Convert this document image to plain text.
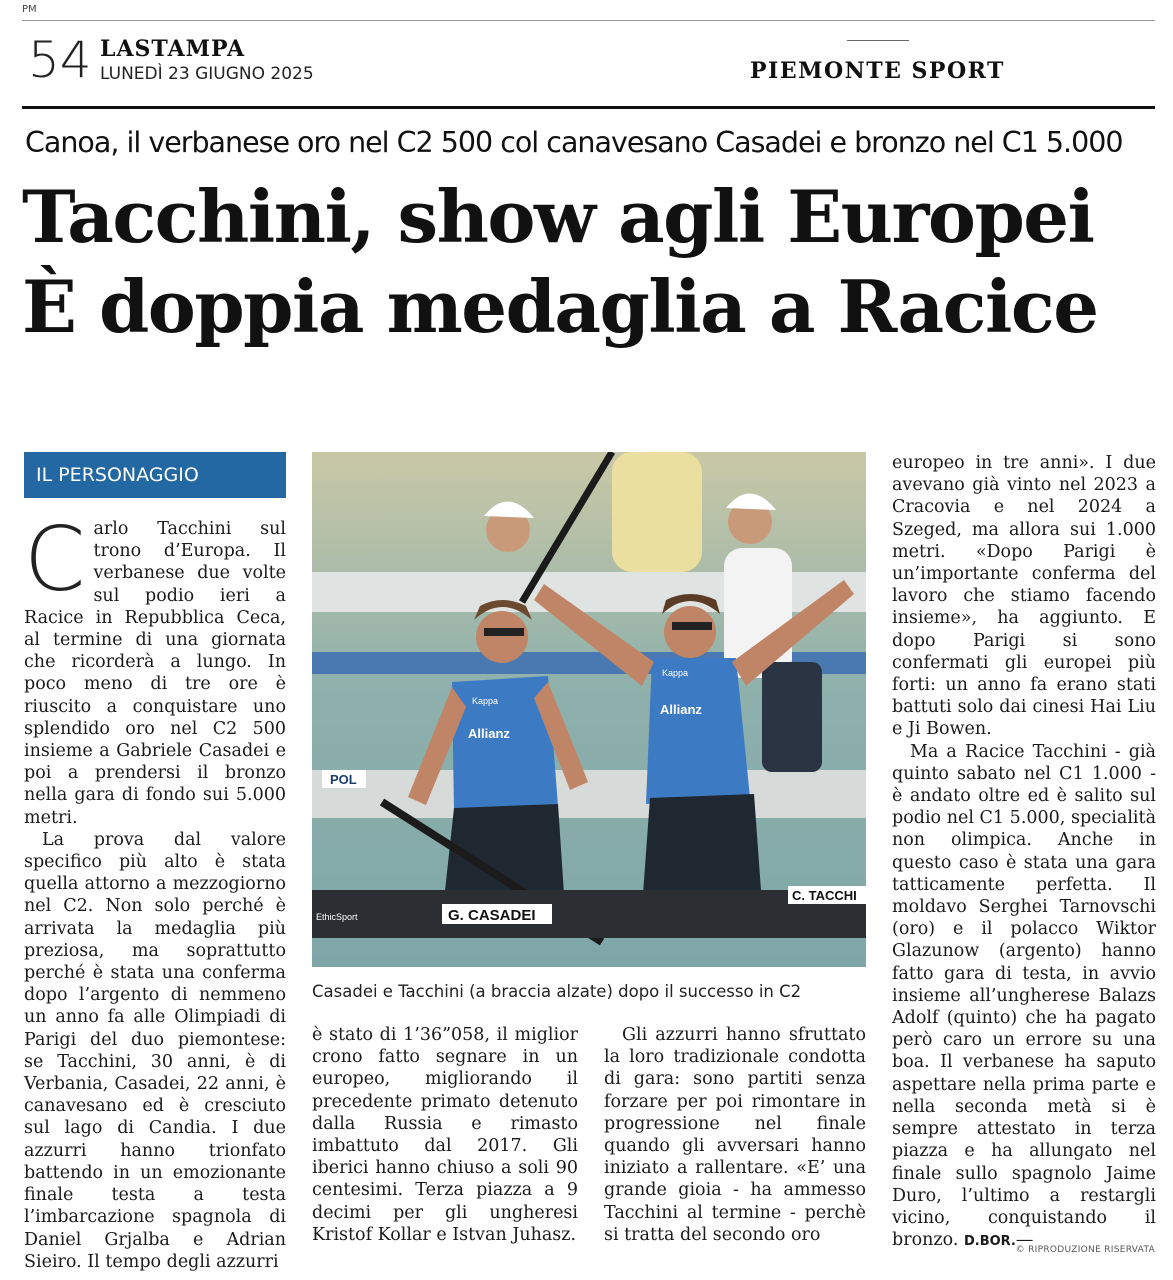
PM
54 LASTAMPA
LUNEDÌ 23 GIUGNO 2025	PIEMONTE SPORT
Canoa, il verbanese oro nel C2 500 col canavesano Casadei e bronzo nel C1 5.000
Tacchini, show agli Europei
È doppia medaglia a Racice
IL PERSONAGGIO

Carlo Tacchini sul trono d’Europa. Il verbanese due volte sul podio ieri a Racice in Repubblica Ceca, al termine di una giornata che ricorderà a lungo. In poco meno di tre ore è riuscito a conquistare uno splendido oro nel C2 500 insieme a Gabriele Casadei e poi a prendersi il bronzo nella gara di fondo sui 5.000 metri.

La prova dal valore specifico più alto è stata quella attorno a mezzogiorno nel C2. Non solo perché è arrivata la medaglia più preziosa, ma soprattutto perché è stata una conferma dopo l’argento di nemmeno un anno fa alle Olimpiadi di Parigi del duo piemontese: se Tacchini, 30 anni, è di Verbania, Casadei, 22 anni, è canavesano ed è cresciuto sul lago di Candia. I due azzurri hanno trionfato battendo in un emozionante finale testa a testa l’imbarcazione spagnola di Daniel Grjalba e Adrian Sieiro. Il tempo degli azzurri

POL
G. CASADEI
C. TACCHI
EthicSport
Allianz
Allianz
Kappa
Kappa
Casadei e Tacchini (a braccia alzate) dopo il successo in C2

è stato di 1’36”058, il miglior crono fatto segnare in un europeo, migliorando il precedente primato detenuto dalla Russia e rimasto imbattuto dal 2017. Gli iberici hanno chiuso a soli 90 centesimi. Terza piazza a 9 decimi per gli ungheresi Kristof Kollar e Istvan Juhasz.

Gli azzurri hanno sfruttato la loro tradizionale condotta di gara: sono partiti senza forzare per poi rimontare in progressione nel finale quando gli avversari hanno iniziato a rallentare. «E’ una grande gioia - ha ammesso Tacchini al termine - perchè si tratta del secondo oro

europeo in tre anni». I due avevano già vinto nel 2023 a Cracovia e nel 2024 a Szeged, ma allora sui 1.000 metri. «Dopo Parigi è un’importante conferma del lavoro che stiamo facendo insieme», ha aggiunto. E dopo Parigi si sono confermati gli europei più forti: un anno fa erano stati battuti solo dai cinesi Hai Liu e Ji Bowen.

Ma a Racice Tacchini - già quinto sabato nel C1 1.000 - è andato oltre ed è salito sul podio nel C1 5.000, specialità non olimpica. Anche in questo caso è stata una gara tatticamente perfetta. Il moldavo Serghei Tarnovschi (oro) e il polacco Wiktor Glazunow (argento) hanno fatto gara di testa, in avvio insieme all’ungherese Balazs Adolf (quinto) che ha pagato però caro un errore su una boa. Il verbanese ha saputo aspettare nella prima parte e nella seconda metà si è sempre attestato in terza piazza e ha allungato nel finale sullo spagnolo Jaime Duro, l’ultimo a restargli vicino, conquistando il bronzo. D.BOR.—

© RIPRODUZIONE RISERVATA
